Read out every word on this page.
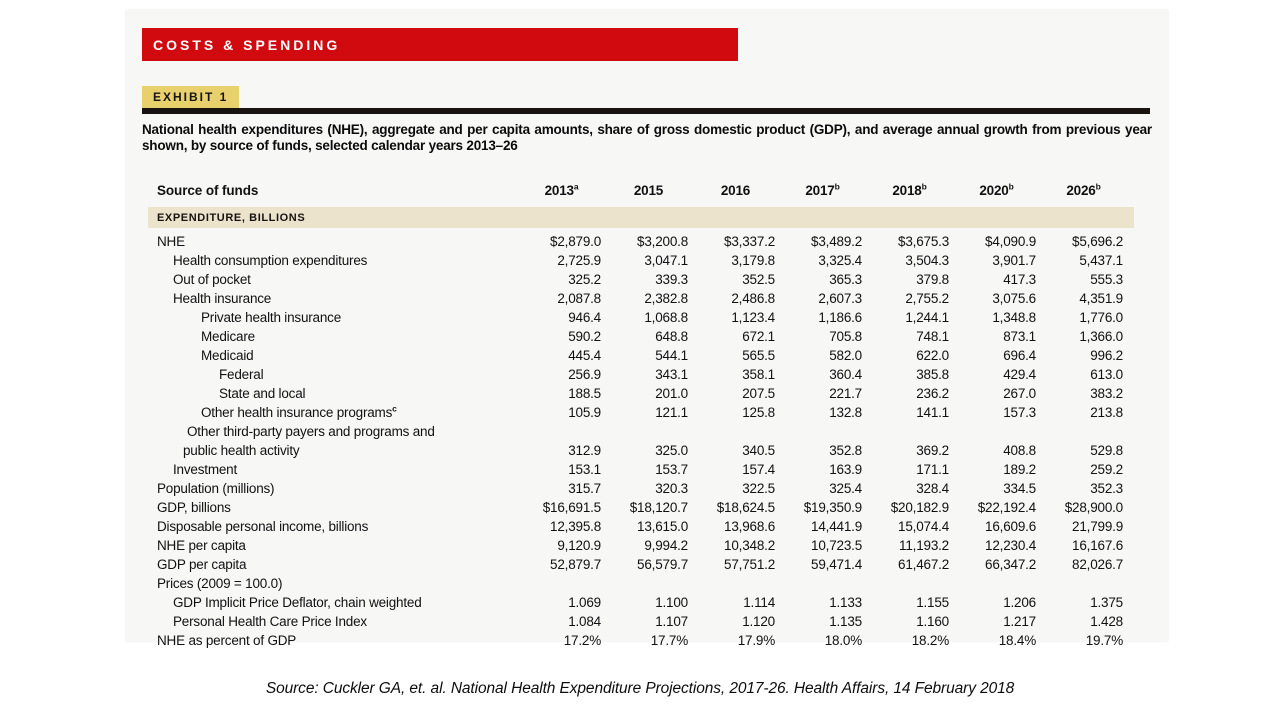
COSTS & SPENDING
EXHIBIT 1
National health expenditures (NHE), aggregate and per capita amounts, share of gross domestic product (GDP), and average annual growth from previous year shown, by source of funds, selected calendar years 2013–26
Source of funds	2013$^a$	2015	2016	2017$^b$	2018$^b$	2020$^b$	2026$^b$
EXPENDITURE, BILLIONS
NHE	$2,879.0	$3,200.8	$3,337.2	$3,489.2	$3,675.3	$4,090.9	$5,696.2
Health consumption expenditures	2,725.9	3,047.1	3,179.8	3,325.4	3,504.3	3,901.7	5,437.1
Out of pocket	325.2	339.3	352.5	365.3	379.8	417.3	555.3
Health insurance	2,087.8	2,382.8	2,486.8	2,607.3	2,755.2	3,075.6	4,351.9
Private health insurance	946.4	1,068.8	1,123.4	1,186.6	1,244.1	1,348.8	1,776.0
Medicare	590.2	648.8	672.1	705.8	748.1	873.1	1,366.0
Medicaid	445.4	544.1	565.5	582.0	622.0	696.4	996.2
Federal	256.9	343.1	358.1	360.4	385.8	429.4	613.0
State and local	188.5	201.0	207.5	221.7	236.2	267.0	383.2
Other health insurance programs$^c$	105.9	121.1	125.8	132.8	141.1	157.3	213.8
Other third-party payers and programs and
public health activity	312.9	325.0	340.5	352.8	369.2	408.8	529.8
Investment	153.1	153.7	157.4	163.9	171.1	189.2	259.2
Population (millions)	315.7	320.3	322.5	325.4	328.4	334.5	352.3
GDP, billions	$16,691.5	$18,120.7	$18,624.5	$19,350.9	$20,182.9	$22,192.4	$28,900.0
Disposable personal income, billions	12,395.8	13,615.0	13,968.6	14,441.9	15,074.4	16,609.6	21,799.9
NHE per capita	9,120.9	9,994.2	10,348.2	10,723.5	11,193.2	12,230.4	16,167.6
GDP per capita	52,879.7	56,579.7	57,751.2	59,471.4	61,467.2	66,347.2	82,026.7
Prices (2009 = 100.0)
GDP Implicit Price Deflator, chain weighted	1.069	1.100	1.114	1.133	1.155	1.206	1.375
Personal Health Care Price Index	1.084	1.107	1.120	1.135	1.160	1.217	1.428
NHE as percent of GDP	17.2%	17.7%	17.9%	18.0%	18.2%	18.4%	19.7%
Source: Cuckler GA, et. al. National Health Expenditure Projections, 2017-26. Health Affairs, 14 February 2018
